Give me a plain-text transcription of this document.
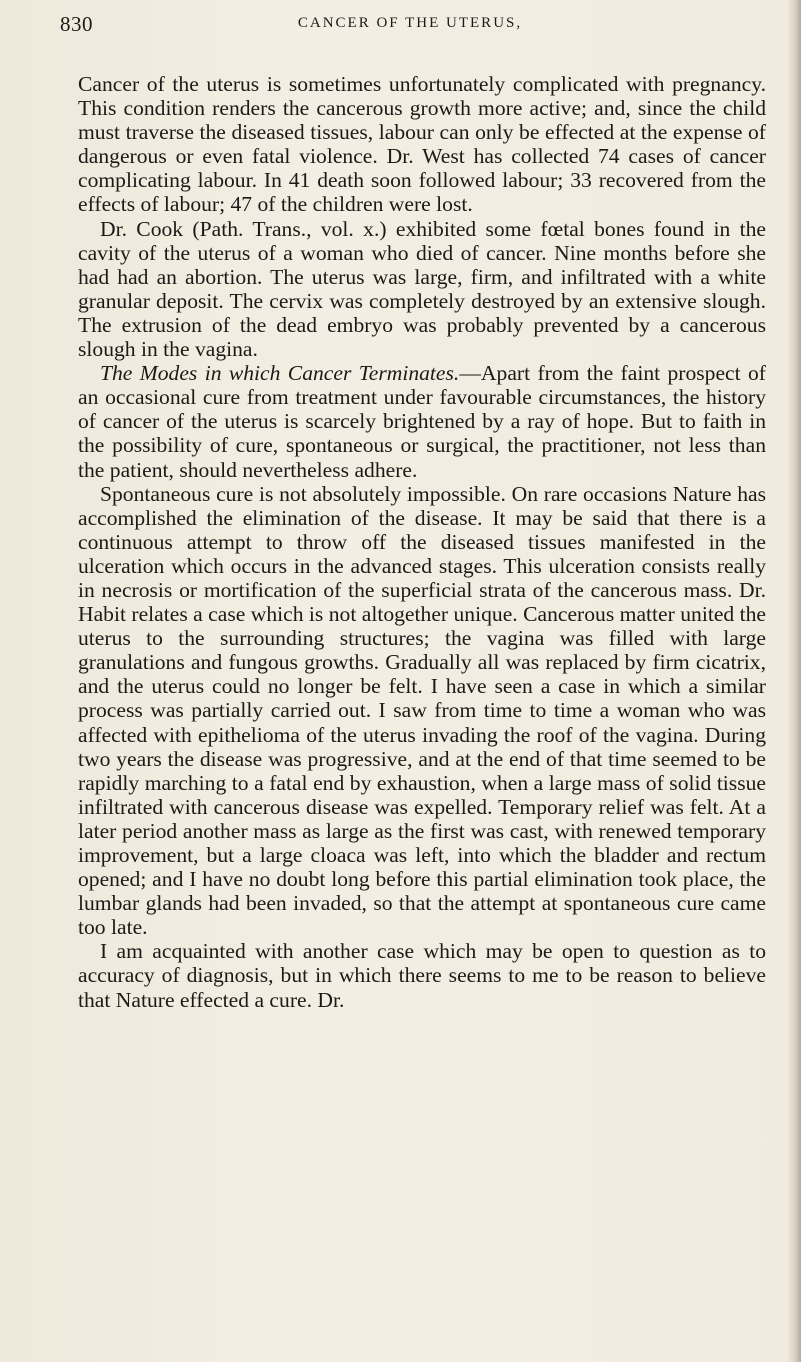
830	CANCER OF THE UTERUS,

Cancer of the uterus is sometimes unfortunately complicated with pregnancy. This condition renders the cancerous growth more active; and, since the child must traverse the diseased tissues, labour can only be effected at the expense of dangerous or even fatal violence. Dr. West has collected 74 cases of cancer complicating labour. In 41 death soon followed labour; 33 recovered from the effects of labour; 47 of the children were lost.

Dr. Cook (Path. Trans., vol. x.) exhibited some fœtal bones found in the cavity of the uterus of a woman who died of cancer. Nine months before she had had an abortion. The uterus was large, firm, and infiltrated with a white granular deposit. The cervix was completely destroyed by an extensive slough. The extrusion of the dead embryo was probably prevented by a cancerous slough in the vagina.

The Modes in which Cancer Terminates.—Apart from the faint prospect of an occasional cure from treatment under favourable circumstances, the history of cancer of the uterus is scarcely brightened by a ray of hope. But to faith in the possibility of cure, spontaneous or surgical, the practitioner, not less than the patient, should nevertheless adhere.

Spontaneous cure is not absolutely impossible. On rare occasions Nature has accomplished the elimination of the disease. It may be said that there is a continuous attempt to throw off the diseased tissues manifested in the ulceration which occurs in the advanced stages. This ulceration consists really in necrosis or mortification of the superficial strata of the cancerous mass. Dr. Habit relates a case which is not altogether unique. Cancerous matter united the uterus to the surrounding structures; the vagina was filled with large granulations and fungous growths. Gradually all was replaced by firm cicatrix, and the uterus could no longer be felt. I have seen a case in which a similar process was partially carried out. I saw from time to time a woman who was affected with epithelioma of the uterus invading the roof of the vagina. During two years the disease was progressive, and at the end of that time seemed to be rapidly marching to a fatal end by exhaustion, when a large mass of solid tissue infiltrated with cancerous disease was expelled. Temporary relief was felt. At a later period another mass as large as the first was cast, with renewed temporary improvement, but a large cloaca was left, into which the bladder and rectum opened; and I have no doubt long before this partial elimination took place, the lumbar glands had been invaded, so that the attempt at spontaneous cure came too late.

I am acquainted with another case which may be open to question as to accuracy of diagnosis, but in which there seems to me to be reason to believe that Nature effected a cure. Dr.
